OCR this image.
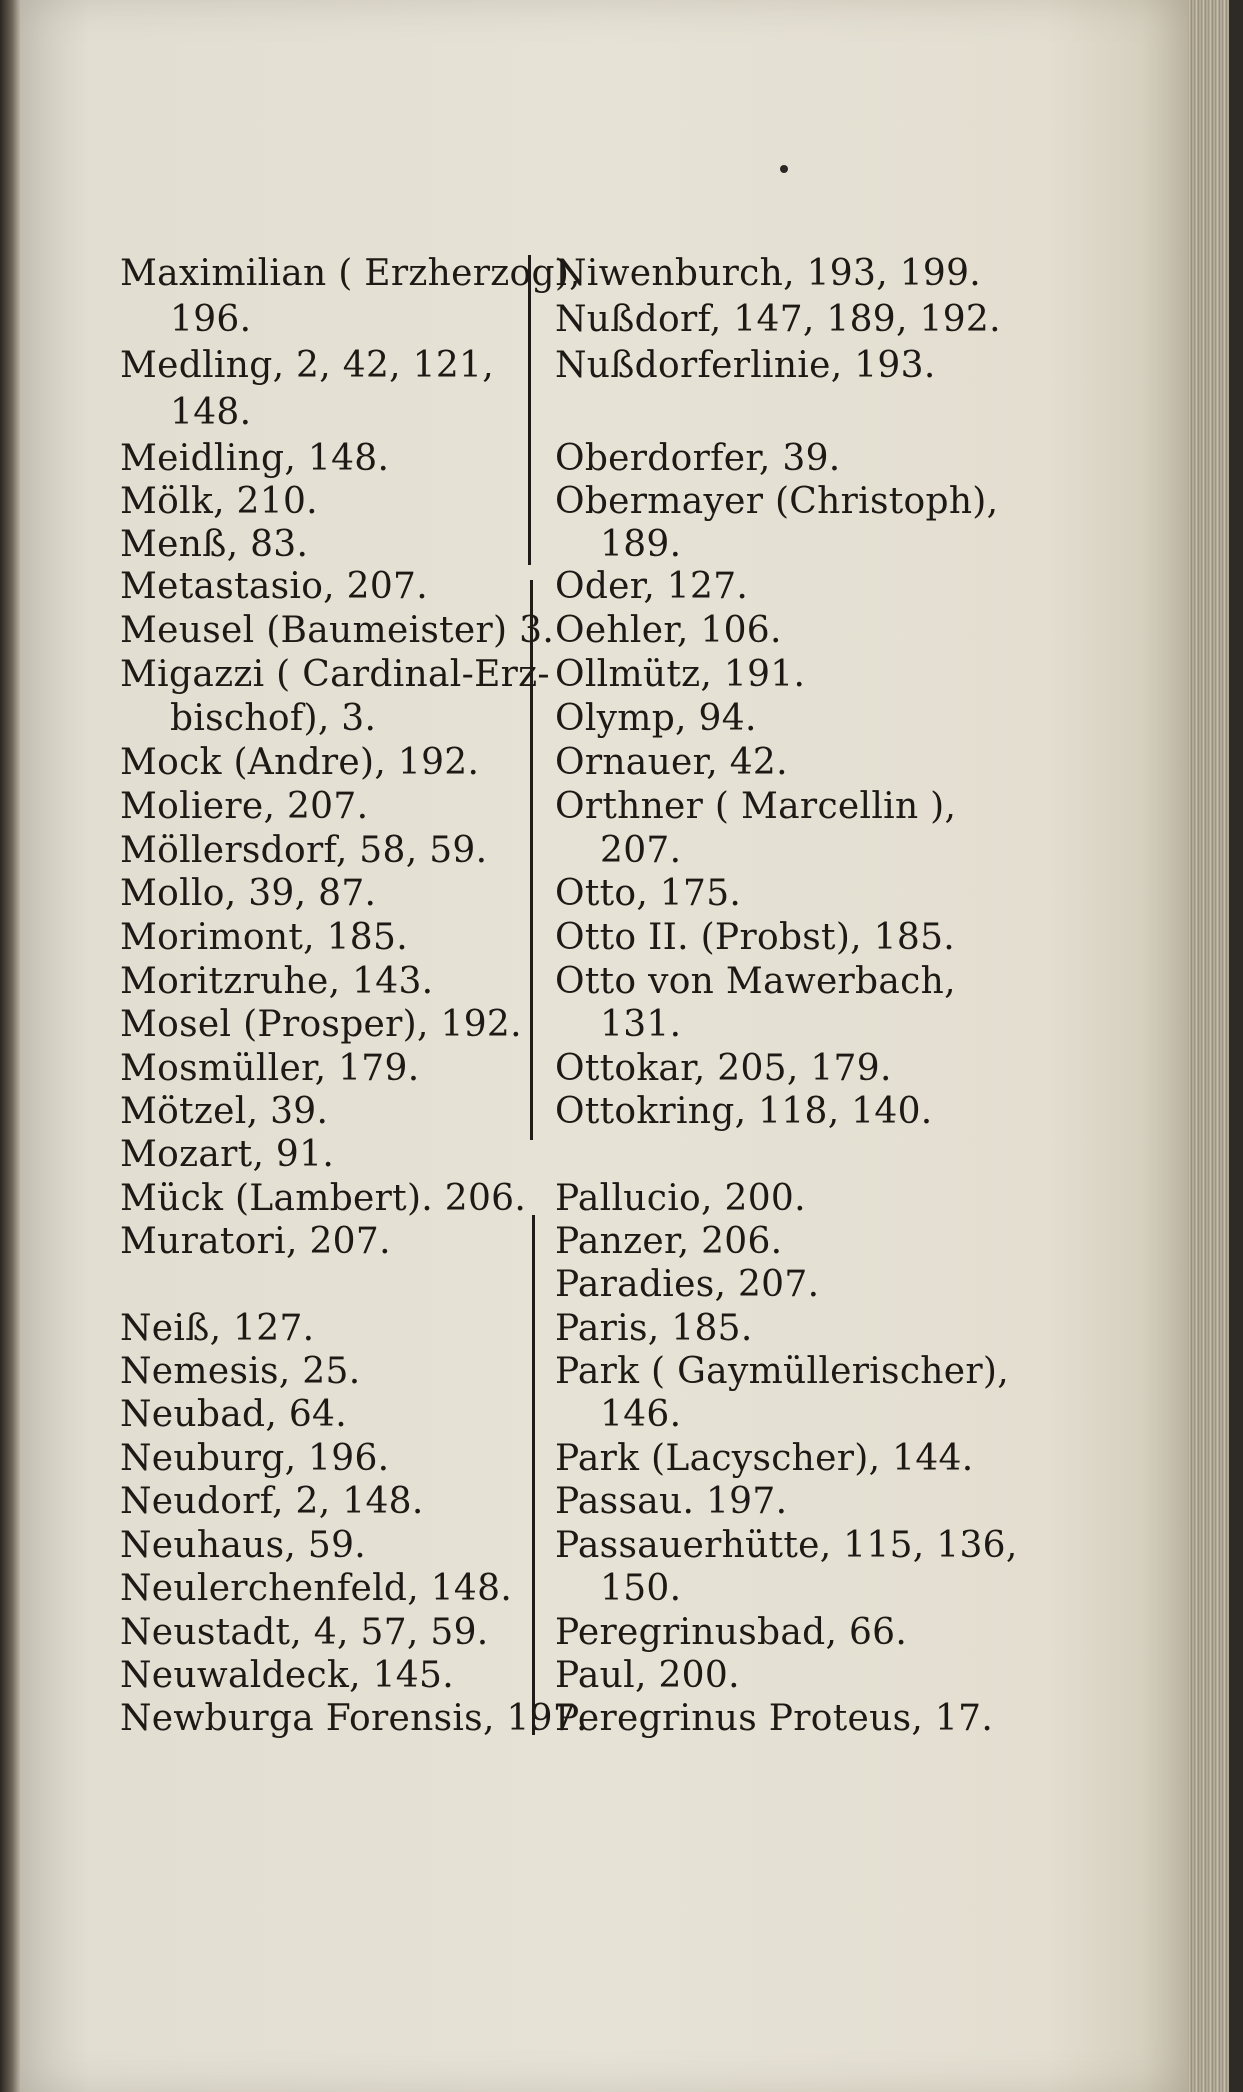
Maximilian ( Erzherzog),
196.
Medling, 2, 42, 121,
148.
Meidling, 148.
Mölk, 210.
Menß, 83.
Metastasio, 207.
Meusel (Baumeister) 3.
Migazzi ( Cardinal-Erz-
bischof), 3.
Mock (Andre), 192.
Moliere, 207.
Möllersdorf, 58, 59.
Mollo, 39, 87.
Morimont, 185.
Moritzruhe, 143.
Mosel (Prosper), 192.
Mosmüller, 179.
Mötzel, 39.
Mozart, 91.
Mück (Lambert). 206.
Muratori, 207.
Neiß, 127.
Nemesis, 25.
Neubad, 64.
Neuburg, 196.
Neudorf, 2, 148.
Neuhaus, 59.
Neulerchenfeld, 148.
Neustadt, 4, 57, 59.
Neuwaldeck, 145.
Newburga Forensis, 197.
Niwenburch, 193, 199.
Nußdorf, 147, 189, 192.
Nußdorferlinie, 193.
Oberdorfer, 39.
Obermayer (Christoph),
189.
Oder, 127.
Oehler, 106.
Ollmütz, 191.
Olymp, 94.
Ornauer, 42.
Orthner ( Marcellin ),
207.
Otto, 175.
Otto II. (Probst), 185.
Otto von Mawerbach,
131.
Ottokar, 205, 179.
Ottokring, 118, 140.
Pallucio, 200.
Panzer, 206.
Paradies, 207.
Paris, 185.
Park ( Gaymüllerischer),
146.
Park (Lacyscher), 144.
Passau. 197.
Passauerhütte, 115, 136,
150.
Peregrinusbad, 66.
Paul, 200.
Peregrinus Proteus, 17.
